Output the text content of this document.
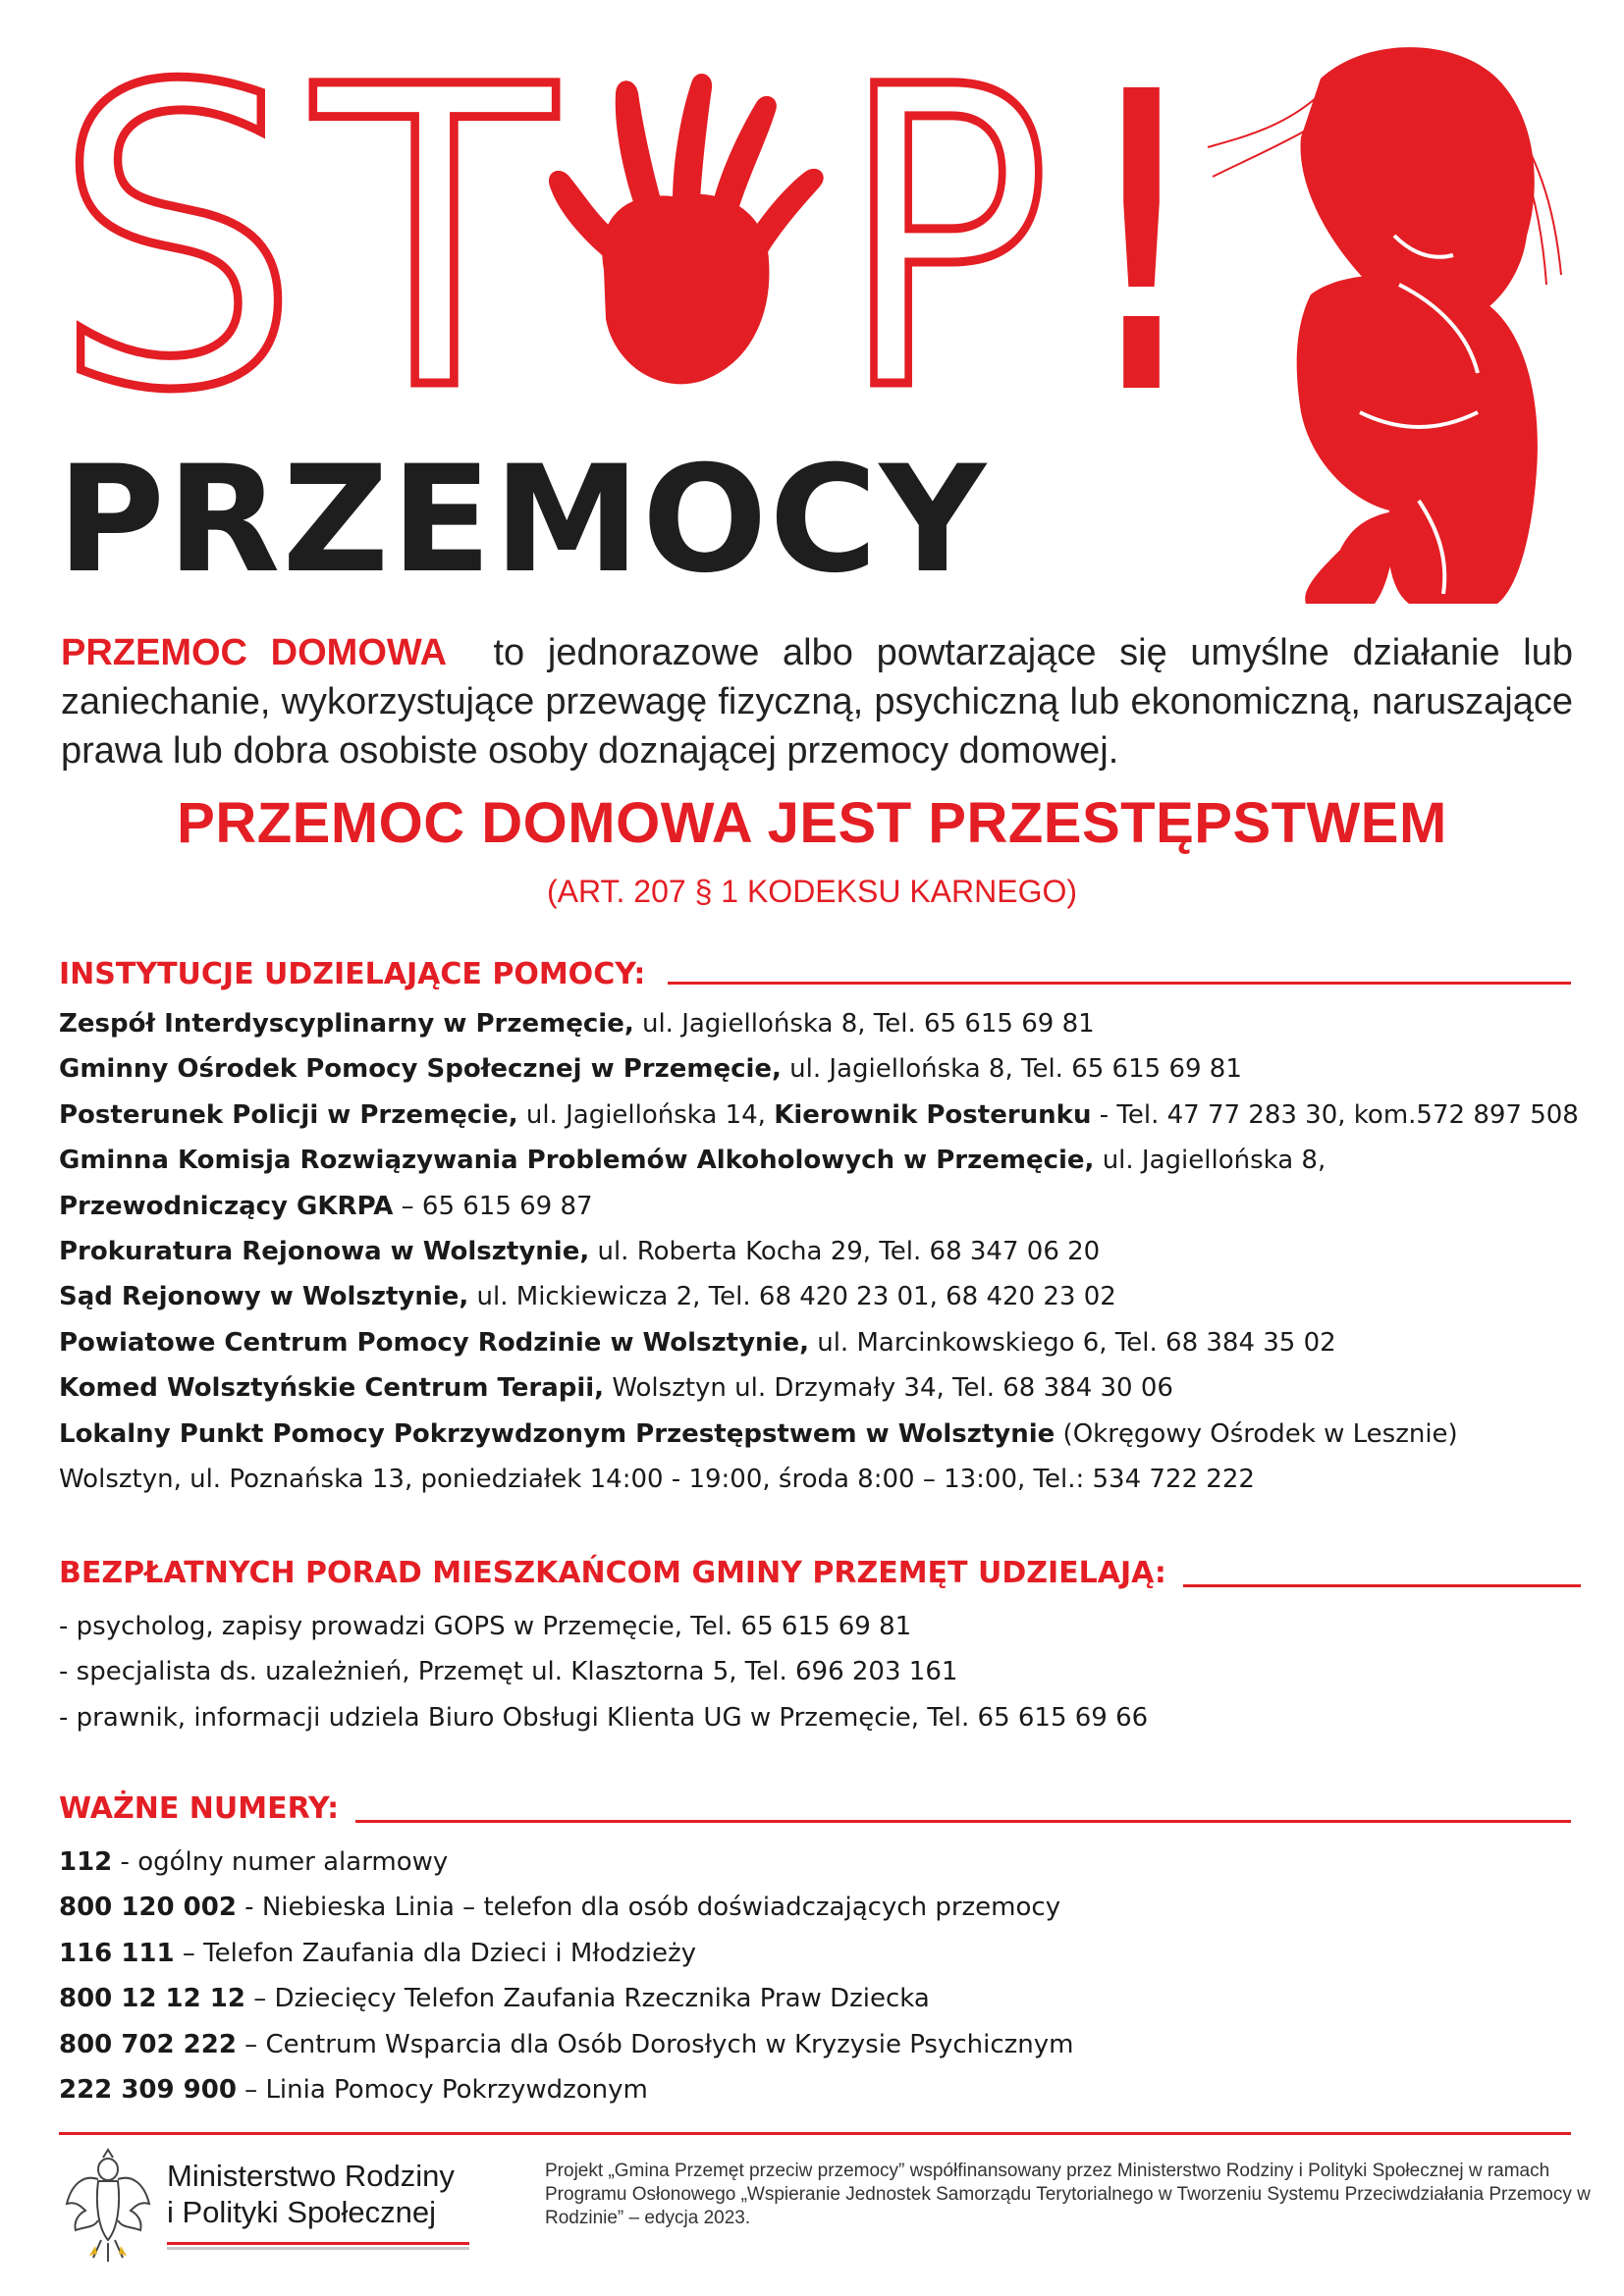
S T P !
PRZEMOCY
PRZEMOC DOMOWA to jednorazowe albo powtarzające się umyślne działanie lub zaniechanie, wykorzystujące przewagę fizyczną, psychiczną lub ekonomiczną, naruszające prawa lub dobra osobiste osoby doznającej przemocy domowej.
PRZEMOC DOMOWA JEST PRZESTĘPSTWEM
(ART. 207 § 1 KODEKSU KARNEGO)
INSTYTUCJE UDZIELAJĄCE POMOCY:
Zespół Interdyscyplinarny w Przemęcie, ul. Jagiellońska 8, Tel. 65 615 69 81
Gminny Ośrodek Pomocy Społecznej w Przemęcie, ul. Jagiellońska 8, Tel. 65 615 69 81
Posterunek Policji w Przemęcie, ul. Jagiellońska 14, Kierownik Posterunku - Tel. 47 77 283 30, kom.572 897 508
Gminna Komisja Rozwiązywania Problemów Alkoholowych w Przemęcie, ul. Jagiellońska 8,
Przewodniczący GKRPA – 65 615 69 87
Prokuratura Rejonowa w Wolsztynie, ul. Roberta Kocha 29, Tel. 68 347 06 20
Sąd Rejonowy w Wolsztynie, ul. Mickiewicza 2, Tel. 68 420 23 01, 68 420 23 02
Powiatowe Centrum Pomocy Rodzinie w Wolsztynie, ul. Marcinkowskiego 6, Tel. 68 384 35 02
Komed Wolsztyńskie Centrum Terapii, Wolsztyn ul. Drzymały 34, Tel. 68 384 30 06
Lokalny Punkt Pomocy Pokrzywdzonym Przestępstwem w Wolsztynie (Okręgowy Ośrodek w Lesznie)
Wolsztyn, ul. Poznańska 13, poniedziałek 14:00 - 19:00, środa 8:00 – 13:00, Tel.: 534 722 222
BEZPŁATNYCH PORAD MIESZKAŃCOM GMINY PRZEMĘT UDZIELAJĄ:
- psycholog, zapisy prowadzi GOPS w Przemęcie, Tel. 65 615 69 81
- specjalista ds. uzależnień, Przemęt ul. Klasztorna 5, Tel. 696 203 161
- prawnik, informacji udziela Biuro Obsługi Klienta UG w Przemęcie, Tel. 65 615 69 66
WAŻNE NUMERY:
112 - ogólny numer alarmowy
800 120 002 - Niebieska Linia – telefon dla osób doświadczających przemocy
116 111 – Telefon Zaufania dla Dzieci i Młodzieży
800 12 12 12 – Dziecięcy Telefon Zaufania Rzecznika Praw Dziecka
800 702 222 – Centrum Wsparcia dla Osób Dorosłych w Kryzysie Psychicznym
222 309 900 – Linia Pomocy Pokrzywdzonym
Ministerstwo Rodziny
i Polityki Społecznej
Projekt „Gmina Przemęt przeciw przemocy” współfinansowany przez Ministerstwo Rodziny i Polityki Społecznej w ramach Programu Osłonowego „Wspieranie Jednostek Samorządu Terytorialnego w Tworzeniu Systemu Przeciwdziałania Przemocy w Rodzinie” – edycja 2023.
